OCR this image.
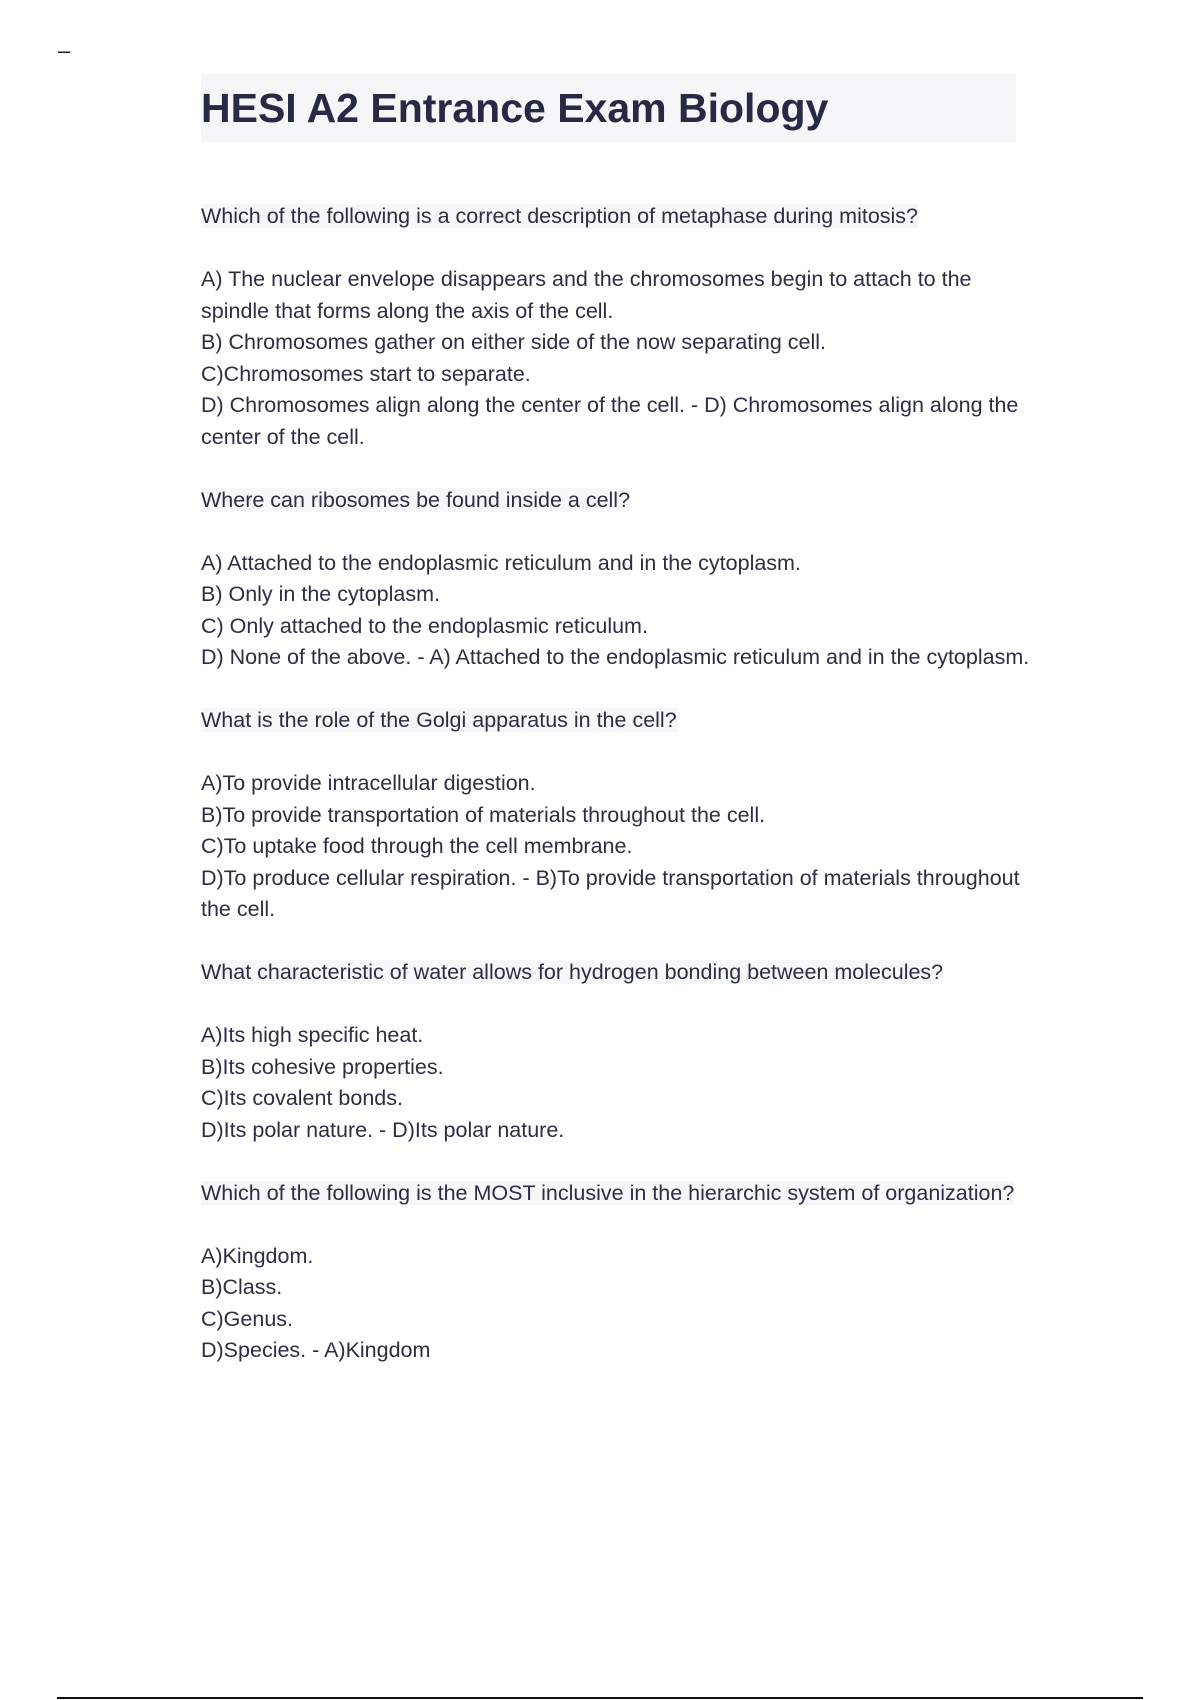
–
HESI A2 Entrance Exam Biology

Which of the following is a correct description of metaphase during mitosis?

A) The nuclear envelope disappears and the chromosomes begin to attach to the spindle that forms along the axis of the cell.

B) Chromosomes gather on either side of the now separating cell.

C)Chromosomes start to separate.

D) Chromosomes align along the center of the cell. - D) Chromosomes align along the center of the cell.

Where can ribosomes be found inside a cell?

A) Attached to the endoplasmic reticulum and in the cytoplasm.

B) Only in the cytoplasm.

C) Only attached to the endoplasmic reticulum.

D) None of the above. - A) Attached to the endoplasmic reticulum and in the cytoplasm.

What is the role of the Golgi apparatus in the cell?

A)To provide intracellular digestion.

B)To provide transportation of materials throughout the cell.

C)To uptake food through the cell membrane.

D)To produce cellular respiration. - B)To provide transportation of materials throughout the cell.

What characteristic of water allows for hydrogen bonding between molecules?

A)Its high specific heat.

B)Its cohesive properties.

C)Its covalent bonds.

D)Its polar nature. - D)Its polar nature.

Which of the following is the MOST inclusive in the hierarchic system of organization?

A)Kingdom.

B)Class.

C)Genus.

D)Species. - A)Kingdom
